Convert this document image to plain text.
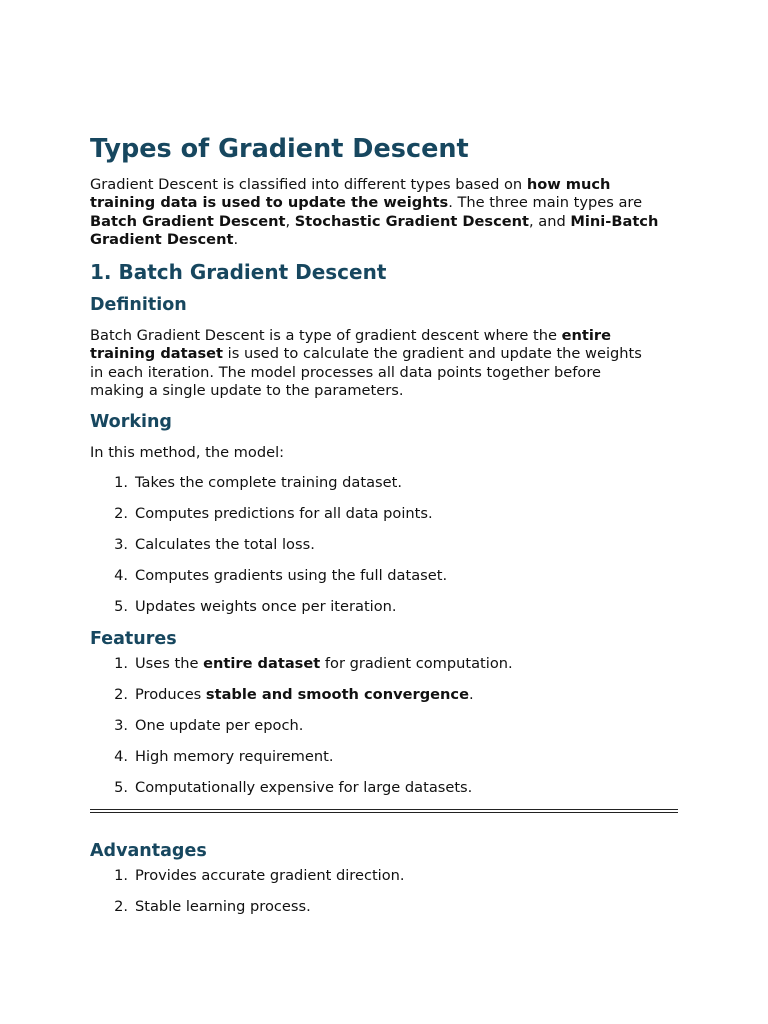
Types of Gradient Descent

Gradient Descent is classified into different types based on how much
training data is used to update the weights. The three main types are
Batch Gradient Descent, Stochastic Gradient Descent, and Mini-Batch
Gradient Descent.

1. Batch Gradient Descent
Definition

Batch Gradient Descent is a type of gradient descent where the entire
training dataset is used to calculate the gradient and update the weights
in each iteration. The model processes all data points together before
making a single update to the parameters.

Working

In this method, the model:

1. Takes the complete training dataset.
2. Computes predictions for all data points.
3. Calculates the total loss.
4. Computes gradients using the full dataset.
5. Updates weights once per iteration.
Features
1. Uses the entire dataset for gradient computation.
2. Produces stable and smooth convergence.
3. One update per epoch.
4. High memory requirement.
5. Computationally expensive for large datasets.
Advantages
1. Provides accurate gradient direction.
2. Stable learning process.
